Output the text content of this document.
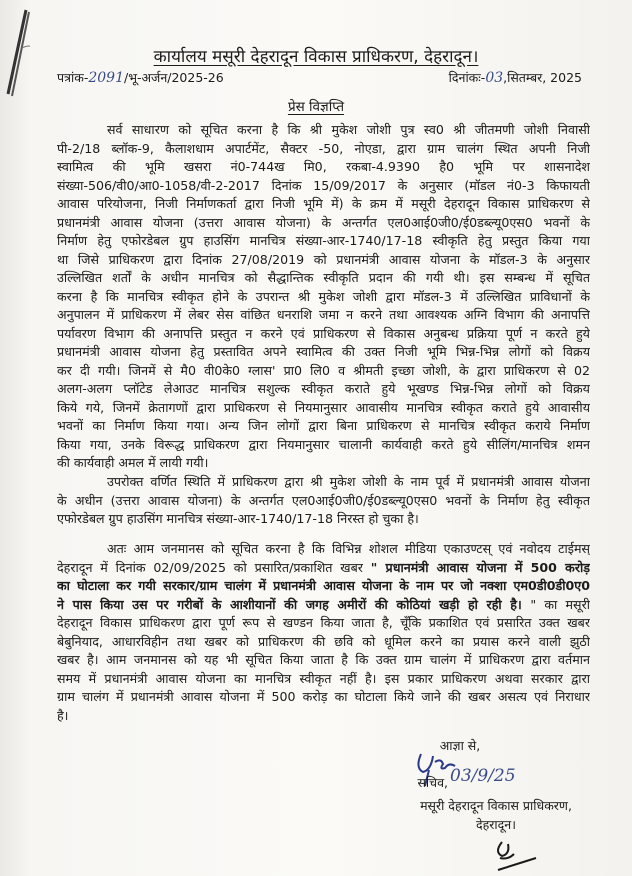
कार्यालय मसूरी देहरादून विकास प्राधिकरण, देहरादून।
पत्रांक-2091/भू-अर्जन/2025-26	दिनांकः-03,सितम्बर, 2025
प्रेस विज्ञप्ति
सर्व साधारण को सूचित करना है कि श्री मुकेश जोशी पुत्र स्व0 श्री जीतमणी जोशी निवासी
पी-2/18 ब्लॉक-9, कैलाशधाम अपार्टमेंट, सैक्टर -50, नोएडा, द्वारा ग्राम चालंग स्थित अपनी निजी
स्वामित्व की भूमि खसरा नं0-744ख मि0, रकबा-4.9390 है0 भूमि पर शासनादेश
संख्या-506/वी0/आ0-1058/वी-2-2017 दिनांक 15/09/2017 के अनुसार (मॉडल नं0-3 किफायती
आवास परियोजना, निजी निर्माणकर्ता द्वारा निजी भूमि में) के क्रम में मसूरी देहरादून विकास प्राधिकरण से
प्रधानमंत्री आवास योजना (उत्तरा आवास योजना) के अन्तर्गत एल0आई0जी0/ई0डब्ल्यू0एस0 भवनों के
निर्माण हेतु एफोरडेबल ग्रुप हाउसिंग मानचित्र संख्या-आर-1740/17-18 स्वीकृति हेतु प्रस्तुत किया गया
था जिसे प्राधिकरण द्वारा दिनांक 27/08/2019 को प्रधानमंत्री आवास योजना के मॉडल-3 के अनुसार
उल्लिखित शर्तों के अधीन मानचित्र को सैद्धान्तिक स्वीकृति प्रदान की गयी थी। इस सम्बन्ध में सूचित
करना है कि मानचित्र स्वीकृत होने के उपरान्त श्री मुकेश जोशी द्वारा मॉडल-3 में उल्लिखित प्राविधानों के
अनुपालन में प्राधिकरण में लेबर सेस वांछित धनराशि जमा न करने तथा आवश्यक अग्नि विभाग की अनापत्ति
पर्यावरण विभाग की अनापत्ति प्रस्तुत न करने एवं प्राधिकरण से विकास अनुबन्ध प्रक्रिया पूर्ण न करते हुये
प्रधानमंत्री आवास योजना हेतु प्रस्तावित अपने स्वामित्व की उक्त निजी भूमि भिन्न-भिन्न लोगों को विक्रय
कर दी गयी। जिनमें से मै0 वी0के0 ग्लास' प्रा0 लि0 व श्रीमती इच्छा जोशी, के द्वारा प्राधिकरण से 02
अलग-अलग प्लॉटेड लेआउट मानचित्र सशुल्क स्वीकृत कराते हुये भूखण्ड भिन्न-भिन्न लोगों को विक्रय
किये गये, जिनमें क्रेतागणों द्वारा प्राधिकरण से नियमानुसार आवासीय मानचित्र स्वीकृत कराते हुये आवासीय
भवनों का निर्माण किया गया। अन्य जिन लोगों द्वारा बिना प्राधिकरण से मानचित्र स्वीकृत कराये निर्माण
किया गया, उनके विरूद्ध प्राधिकरण द्वारा नियमानुसार चालानी कार्यवाही करते हुये सीलिंग/मानचित्र शमन
की कार्यवाही अमल में लायी गयी।
उपरोक्त वर्णित स्थिति में प्राधिकरण द्वारा श्री मुकेश जोशी के नाम पूर्व में प्रधानमंत्री आवास योजना
के अधीन (उत्तरा आवास योजना) के अन्तर्गत एल0आई0जी0/ई0डब्ल्यू0एस0 भवनों के निर्माण हेतु स्वीकृत
एफोरडेबल ग्रुप हाउसिंग मानचित्र संख्या-आर-1740/17-18 निरस्त हो चुका है।
अतः आम जनमानस को सूचित करना है कि विभिन्न शोशल मीडिया एकाउण्टस् एवं नवोदय टाईमस्
देहरादून में दिनांक 02/09/2025 को प्रसारित/प्रकाशित खबर " प्रधानमंत्री आवास योजना में 500 करोड़
का घोटाला कर गयी सरकार/ग्राम चालंग में प्रधानमंत्री आवास योजना के नाम पर जो नक्शा एम0डी0डी0ए0
ने पास किया उस पर गरीबों के आशीयानों की जगह अमीरों की कोठियां खड़ी हो रही है। " का मसूरी
देहरादून विकास प्राधिकरण द्वारा पूर्ण रूप से खण्डन किया जाता है, चूँकि प्रकाशित एवं प्रसारित उक्त खबर
बेबुनियाद, आधारविहीन तथा खबर को प्राधिकरण की छवि को धूमिल करने का प्रयास करने वाली झुठी
खबर है। आम जनमानस को यह भी सूचित किया जाता है कि उक्त ग्राम चालंग में प्राधिकरण द्वारा वर्तमान
समय में प्रधानमंत्री आवास योजना का मानचित्र स्वीकृत नहीं है। इस प्रकार प्राधिकरण अथवा सरकार द्वारा
ग्राम चालंग में प्रधानमंत्री आवास योजना में 500 करोड़ का घोटाला किये जाने की खबर असत्य एवं निराधार
है।
आज्ञा से,
सचिव, 03/9/25
मसूरी देहरादून विकास प्राधिकरण,
देहरादून।
